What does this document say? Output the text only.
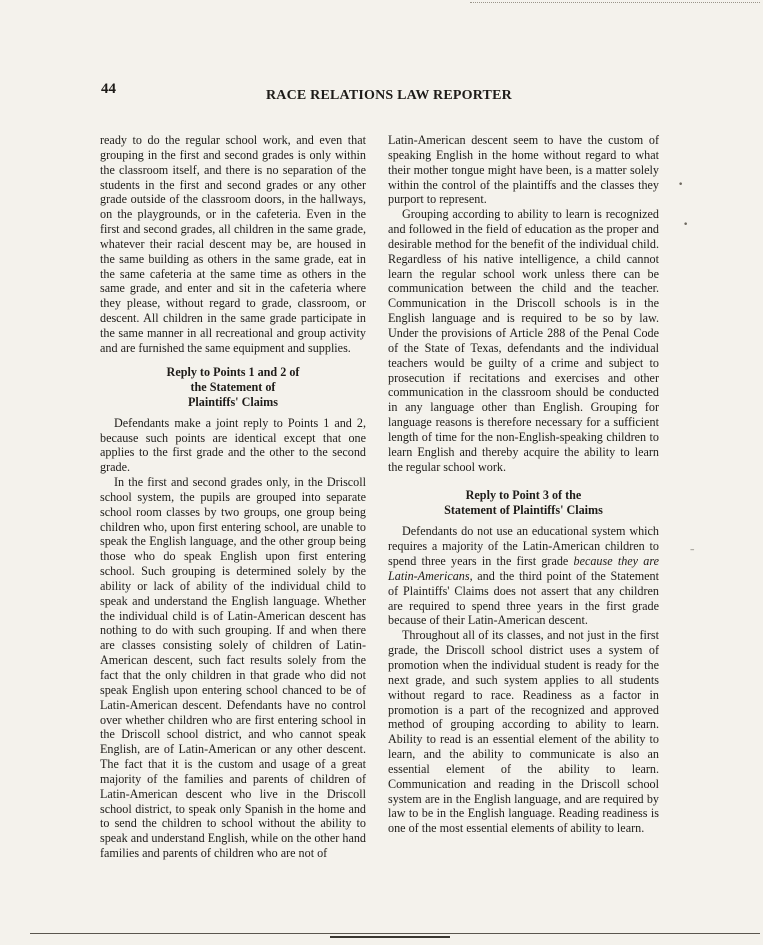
44	RACE RELATIONS LAW REPORTER

ready to do the regular school work, and even that grouping in the first and second grades is only within the classroom itself, and there is no separation of the students in the first and second grades or any other grade outside of the classroom doors, in the hallways, on the playgrounds, or in the cafeteria. Even in the first and second grades, all children in the same grade, whatever their racial descent may be, are housed in the same building as others in the same grade, eat in the same cafeteria at the same time as others in the same grade, and enter and sit in the cafeteria where they please, without regard to grade, classroom, or descent. All children in the same grade participate in the same manner in all recreational and group activity and are furnished the same equipment and supplies.

Reply to Points 1 and 2 of
the Statement of
Plaintiffs' Claims

Defendants make a joint reply to Points 1 and 2, because such points are identical except that one applies to the first grade and the other to the second grade.

In the first and second grades only, in the Driscoll school system, the pupils are grouped into separate school room classes by two groups, one group being children who, upon first entering school, are unable to speak the English language, and the other group being those who do speak English upon first entering school. Such grouping is determined solely by the ability or lack of ability of the individual child to speak and understand the English language. Whether the individual child is of Latin-American descent has nothing to do with such grouping. If and when there are classes consisting solely of children of Latin-American descent, such fact results solely from the fact that the only children in that grade who did not speak English upon entering school chanced to be of Latin-American descent. Defendants have no control over whether children who are first entering school in the Driscoll school district, and who cannot speak English, are of Latin-American or any other descent. The fact that it is the custom and usage of a great majority of the families and parents of children of Latin-American descent who live in the Driscoll school district, to speak only Spanish in the home and to send the children to school without the ability to speak and understand English, while on the other hand families and parents of children who are not of

Latin-American descent seem to have the custom of speaking English in the home without regard to what their mother tongue might have been, is a matter solely within the control of the plaintiffs and the classes they purport to represent.

Grouping according to ability to learn is recognized and followed in the field of education as the proper and desirable method for the benefit of the individual child. Regardless of his native intelligence, a child cannot learn the regular school work unless there can be communication between the child and the teacher. Communication in the Driscoll schools is in the English language and is required to be so by law. Under the provisions of Article 288 of the Penal Code of the State of Texas, defendants and the individual teachers would be guilty of a crime and subject to prosecution if recitations and exercises and other communication in the classroom should be conducted in any language other than English. Grouping for language reasons is therefore necessary for a sufficient length of time for the non-English-speaking children to learn English and thereby acquire the ability to learn the regular school work.

Reply to Point 3 of the
Statement of Plaintiffs' Claims

Defendants do not use an educational system which requires a majority of the Latin-American children to spend three years in the first grade because they are Latin-Americans, and the third point of the Statement of Plaintiffs' Claims does not assert that any children are required to spend three years in the first grade because of their Latin-American descent.

Throughout all of its classes, and not just in the first grade, the Driscoll school district uses a system of promotion when the individual student is ready for the next grade, and such system applies to all students without regard to race. Readiness as a factor in promotion is a part of the recognized and approved method of grouping according to ability to learn. Ability to read is an essential element of the ability to learn, and the ability to communicate is also an essential element of the ability to learn. Communication and reading in the Driscoll school system are in the English language, and are required by law to be in the English language. Reading readiness is one of the most essential elements of ability to learn.

•
•
–
